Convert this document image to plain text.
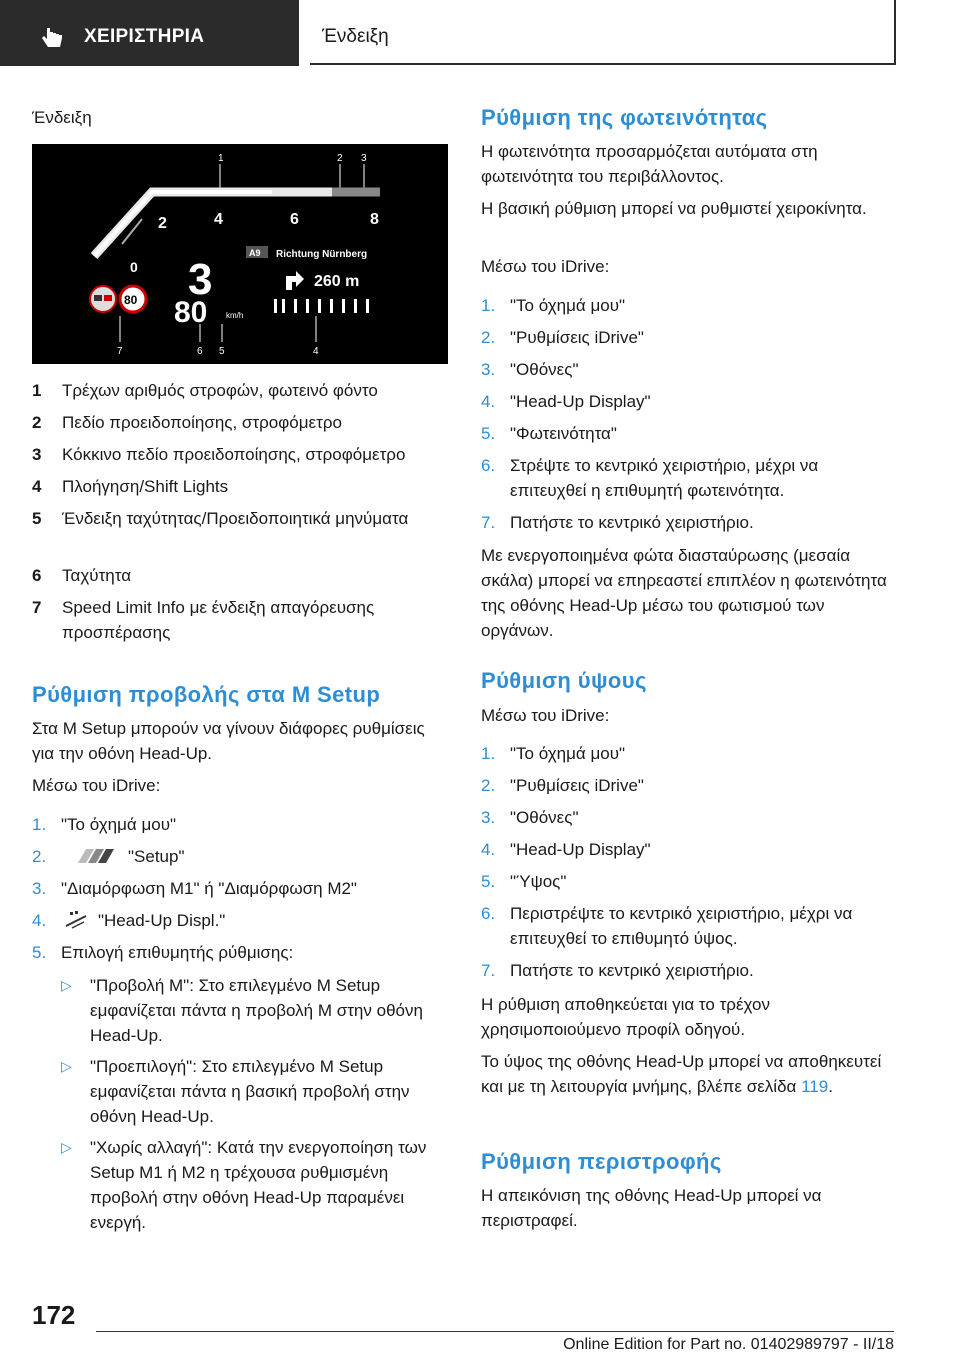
ΧΕΙΡΙΣΤΗΡΙΑ	Ένδειξη
Ένδειξη
1	2 3
0
2	4	6	8
3
80 km/h
80
A9 Richtung Nürnberg
260 m
7	6 5	4
1	Τρέχων αριθμός στροφών, φωτεινό φόντο
2	Πεδίο προειδοποίησης, στροφόμετρο
3	Κόκκινο πεδίο προειδοποίησης, στροφόμετρο
4	Πλοήγηση/Shift Lights
5	Ένδειξη ταχύτητας/Προειδοποιητικά μηνύματα
6	Ταχύτητα
7	Speed Limit Info με ένδειξη απαγόρευσης προσπέρασης
Ρύθμιση προβολής στα M Setup
Στα M Setup μπορούν να γίνουν διάφορες ρυθμίσεις για την οθόνη Head-Up.
Μέσω του iDrive:
1. "Το όχημά μου"
2.	"Setup"
3. "Διαμόρφωση M1" ή "Διαμόρφωση M2"
4.	"Head-Up Displ."
5. Επιλογή επιθυμητής ρύθμισης:
▷ "Προβολή M": Στο επιλεγμένο M Setup εμφανίζεται πάντα η προβολή M στην οθόνη Head-Up.
▷ "Προεπιλογή": Στο επιλεγμένο M Setup εμφανίζεται πάντα η βασική προβολή στην οθόνη Head-Up.
▷ "Χωρίς αλλαγή": Κατά την ενεργοποίηση των Setup M1 ή M2 η τρέχουσα ρυθμισμένη προβολή στην οθόνη Head-Up παραμένει ενεργή.
Ρύθμιση της φωτεινότητας
Η φωτεινότητα προσαρμόζεται αυτόματα στη φωτεινότητα του περιβάλλοντος.
Η βασική ρύθμιση μπορεί να ρυθμιστεί χειροκίνητα.
Μέσω του iDrive:
1. "Το όχημά μου"
2. "Ρυθμίσεις iDrive"
3. "Οθόνες"
4. "Head-Up Display"
5. "Φωτεινότητα"
6. Στρέψτε το κεντρικό χειριστήριο, μέχρι να επιτευχθεί η επιθυμητή φωτεινότητα.
7. Πατήστε το κεντρικό χειριστήριο.
Με ενεργοποιημένα φώτα διασταύρωσης (μεσαία σκάλα) μπορεί να επηρεαστεί επιπλέον η φωτεινότητα της οθόνης Head-Up μέσω του φωτισμού των οργάνων.
Ρύθμιση ύψους
Μέσω του iDrive:
1. "Το όχημά μου"
2. "Ρυθμίσεις iDrive"
3. "Οθόνες"
4. "Head-Up Display"
5. "Ύψος"
6. Περιστρέψτε το κεντρικό χειριστήριο, μέχρι να επιτευχθεί το επιθυμητό ύψος.
7. Πατήστε το κεντρικό χειριστήριο.
Η ρύθμιση αποθηκεύεται για το τρέχον χρησιμοποιούμενο προφίλ οδηγού.
Το ύψος της οθόνης Head-Up μπορεί να αποθηκευτεί και με τη λειτουργία μνήμης, βλέπε σελίδα 119.
Ρύθμιση περιστροφής
Η απεικόνιση της οθόνης Head-Up μπορεί να περιστραφεί.
172
Online Edition for Part no. 01402989797 - II/18
